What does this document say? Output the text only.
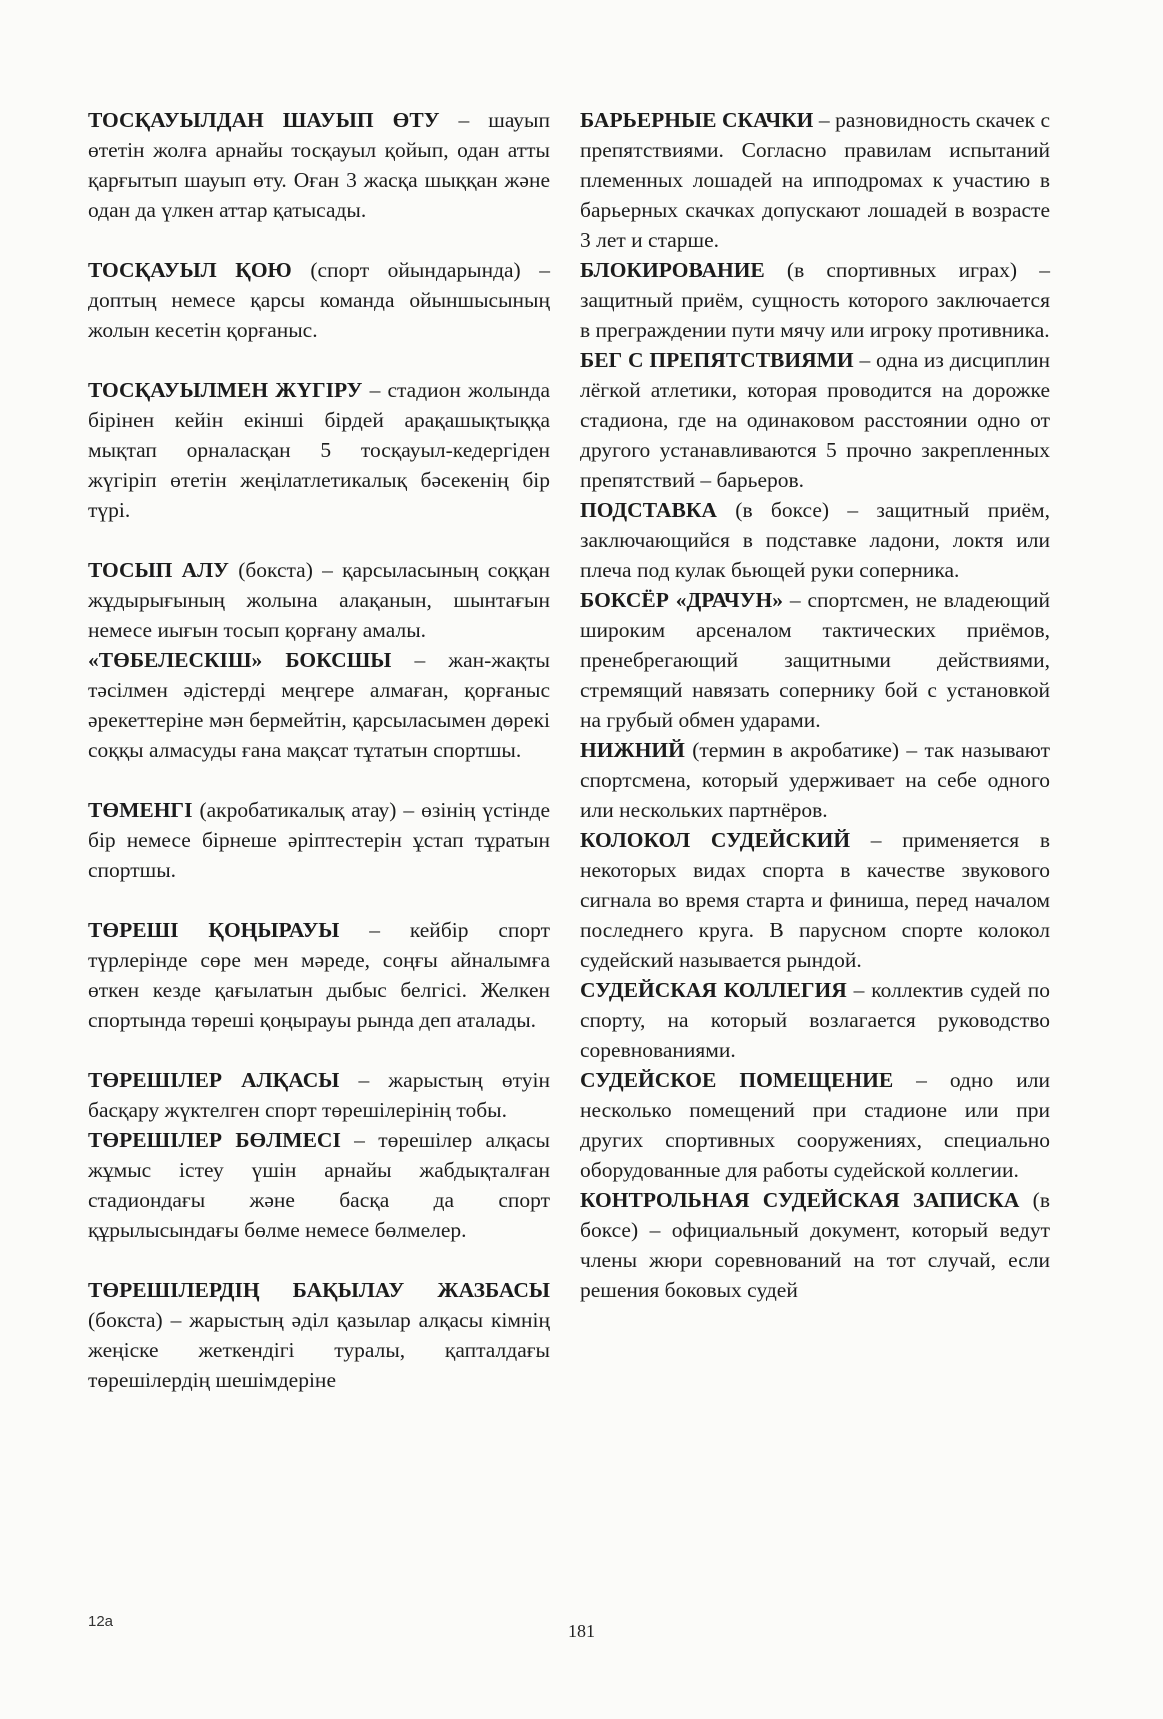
ТОСҚАУЫЛДАН ШАУЫП ӨТУ – шауып өтетін жолға арнайы тосқауыл қойып, одан атты қарғытып шауып өту. Оған 3 жасқа шыққан және одан да үлкен аттар қатысады.

ТОСҚАУЫЛ ҚОЮ (спорт ойындарында) – доптың немесе қарсы команда ойыншысының жолын кесетін қорғаныс.

ТОСҚАУЫЛМЕН ЖҮГІРУ – стадион жолында бірінен кейін екінші бірдей арақашықтыққа мықтап орналасқан 5 тосқауыл-кедергіден жүгіріп өтетін жеңілатлетикалық бәсекенің бір түрі.

ТОСЫП АЛУ (бокста) – қарсыласының соққан жұдырығының жолына алақанын, шынтағын немесе иығын тосып қорғану амалы.

«ТӨБЕЛЕСКІШ» БОКСШЫ – жан-жақты тәсілмен әдістерді меңгере алмаған, қорғаныс әрекеттеріне мән бермейтін, қарсыласымен дөрекі соққы алмасуды ғана мақсат тұтатын спортшы.

ТӨМЕНГІ (акробатикалық атау) – өзінің үстінде бір немесе бірнеше әріптестерін ұстап тұратын спортшы.

ТӨРЕШІ ҚОҢЫРАУЫ – кейбір спорт түрлерінде сөре мен мәреде, соңғы айналымға өткен кезде қағылатын дыбыс белгісі. Желкен спортында төреші қоңырауы рында деп аталады.

ТӨРЕШІЛЕР АЛҚАСЫ – жарыстың өтуін басқару жүктелген спорт төрешілерінің тобы.

ТӨРЕШІЛЕР БӨЛМЕСІ – төрешілер алқасы жұмыс істеу үшін арнайы жабдықталған стадиондағы және басқа да спорт құрылысындағы бөлме немесе бөлмелер.

ТӨРЕШІЛЕРДІҢ БАҚЫЛАУ ЖАЗБАСЫ (бокста) – жарыстың әділ қазылар алқасы кімнің жеңіске жеткендігі туралы, қапталдағы төрешілердің шешімдеріне

БАРЬЕРНЫЕ СКАЧКИ – разновидность скачек с препятствиями. Согласно правилам испытаний племенных лошадей на ипподромах к участию в барьерных скачках допускают лошадей в возрасте 3 лет и старше.

БЛОКИРОВАНИЕ (в спортивных играх) – защитный приём, сущность которого заключается в преграждении пути мячу или игроку противника.

БЕГ С ПРЕПЯТСТВИЯМИ – одна из дисциплин лёгкой атлетики, которая проводится на дорожке стадиона, где на одинаковом расстоянии одно от другого устанавливаются 5 прочно закрепленных препятствий – барьеров.

ПОДСТАВКА (в боксе) – защитный приём, заключающийся в подставке ладони, локтя или плеча под кулак бьющей руки соперника.

БОКСЁР «ДРАЧУН» – спортсмен, не владеющий широким арсеналом тактических приёмов, пренебрегающий защитными действиями, стремящий навязать сопернику бой с установкой на грубый обмен ударами.

НИЖНИЙ (термин в акробатике) – так называют спортсмена, который удерживает на себе одного или нескольких партнёров.

КОЛОКОЛ СУДЕЙСКИЙ – применяется в некоторых видах спорта в качестве звукового сигнала во время старта и финиша, перед началом последнего круга. В парусном спорте колокол судейский называется рындой.

СУДЕЙСКАЯ КОЛЛЕГИЯ – коллектив судей по спорту, на который возлагается руководство соревнованиями.

СУДЕЙСКОЕ ПОМЕЩЕНИЕ – одно или несколько помещений при стадионе или при других спортивных сооружениях, специально оборудованные для работы судейской коллегии.

КОНТРОЛЬНАЯ СУДЕЙСКАЯ ЗАПИСКА (в боксе) – официальный документ, который ведут члены жюри соревнований на тот случай, если решения боковых судей

12a	181
